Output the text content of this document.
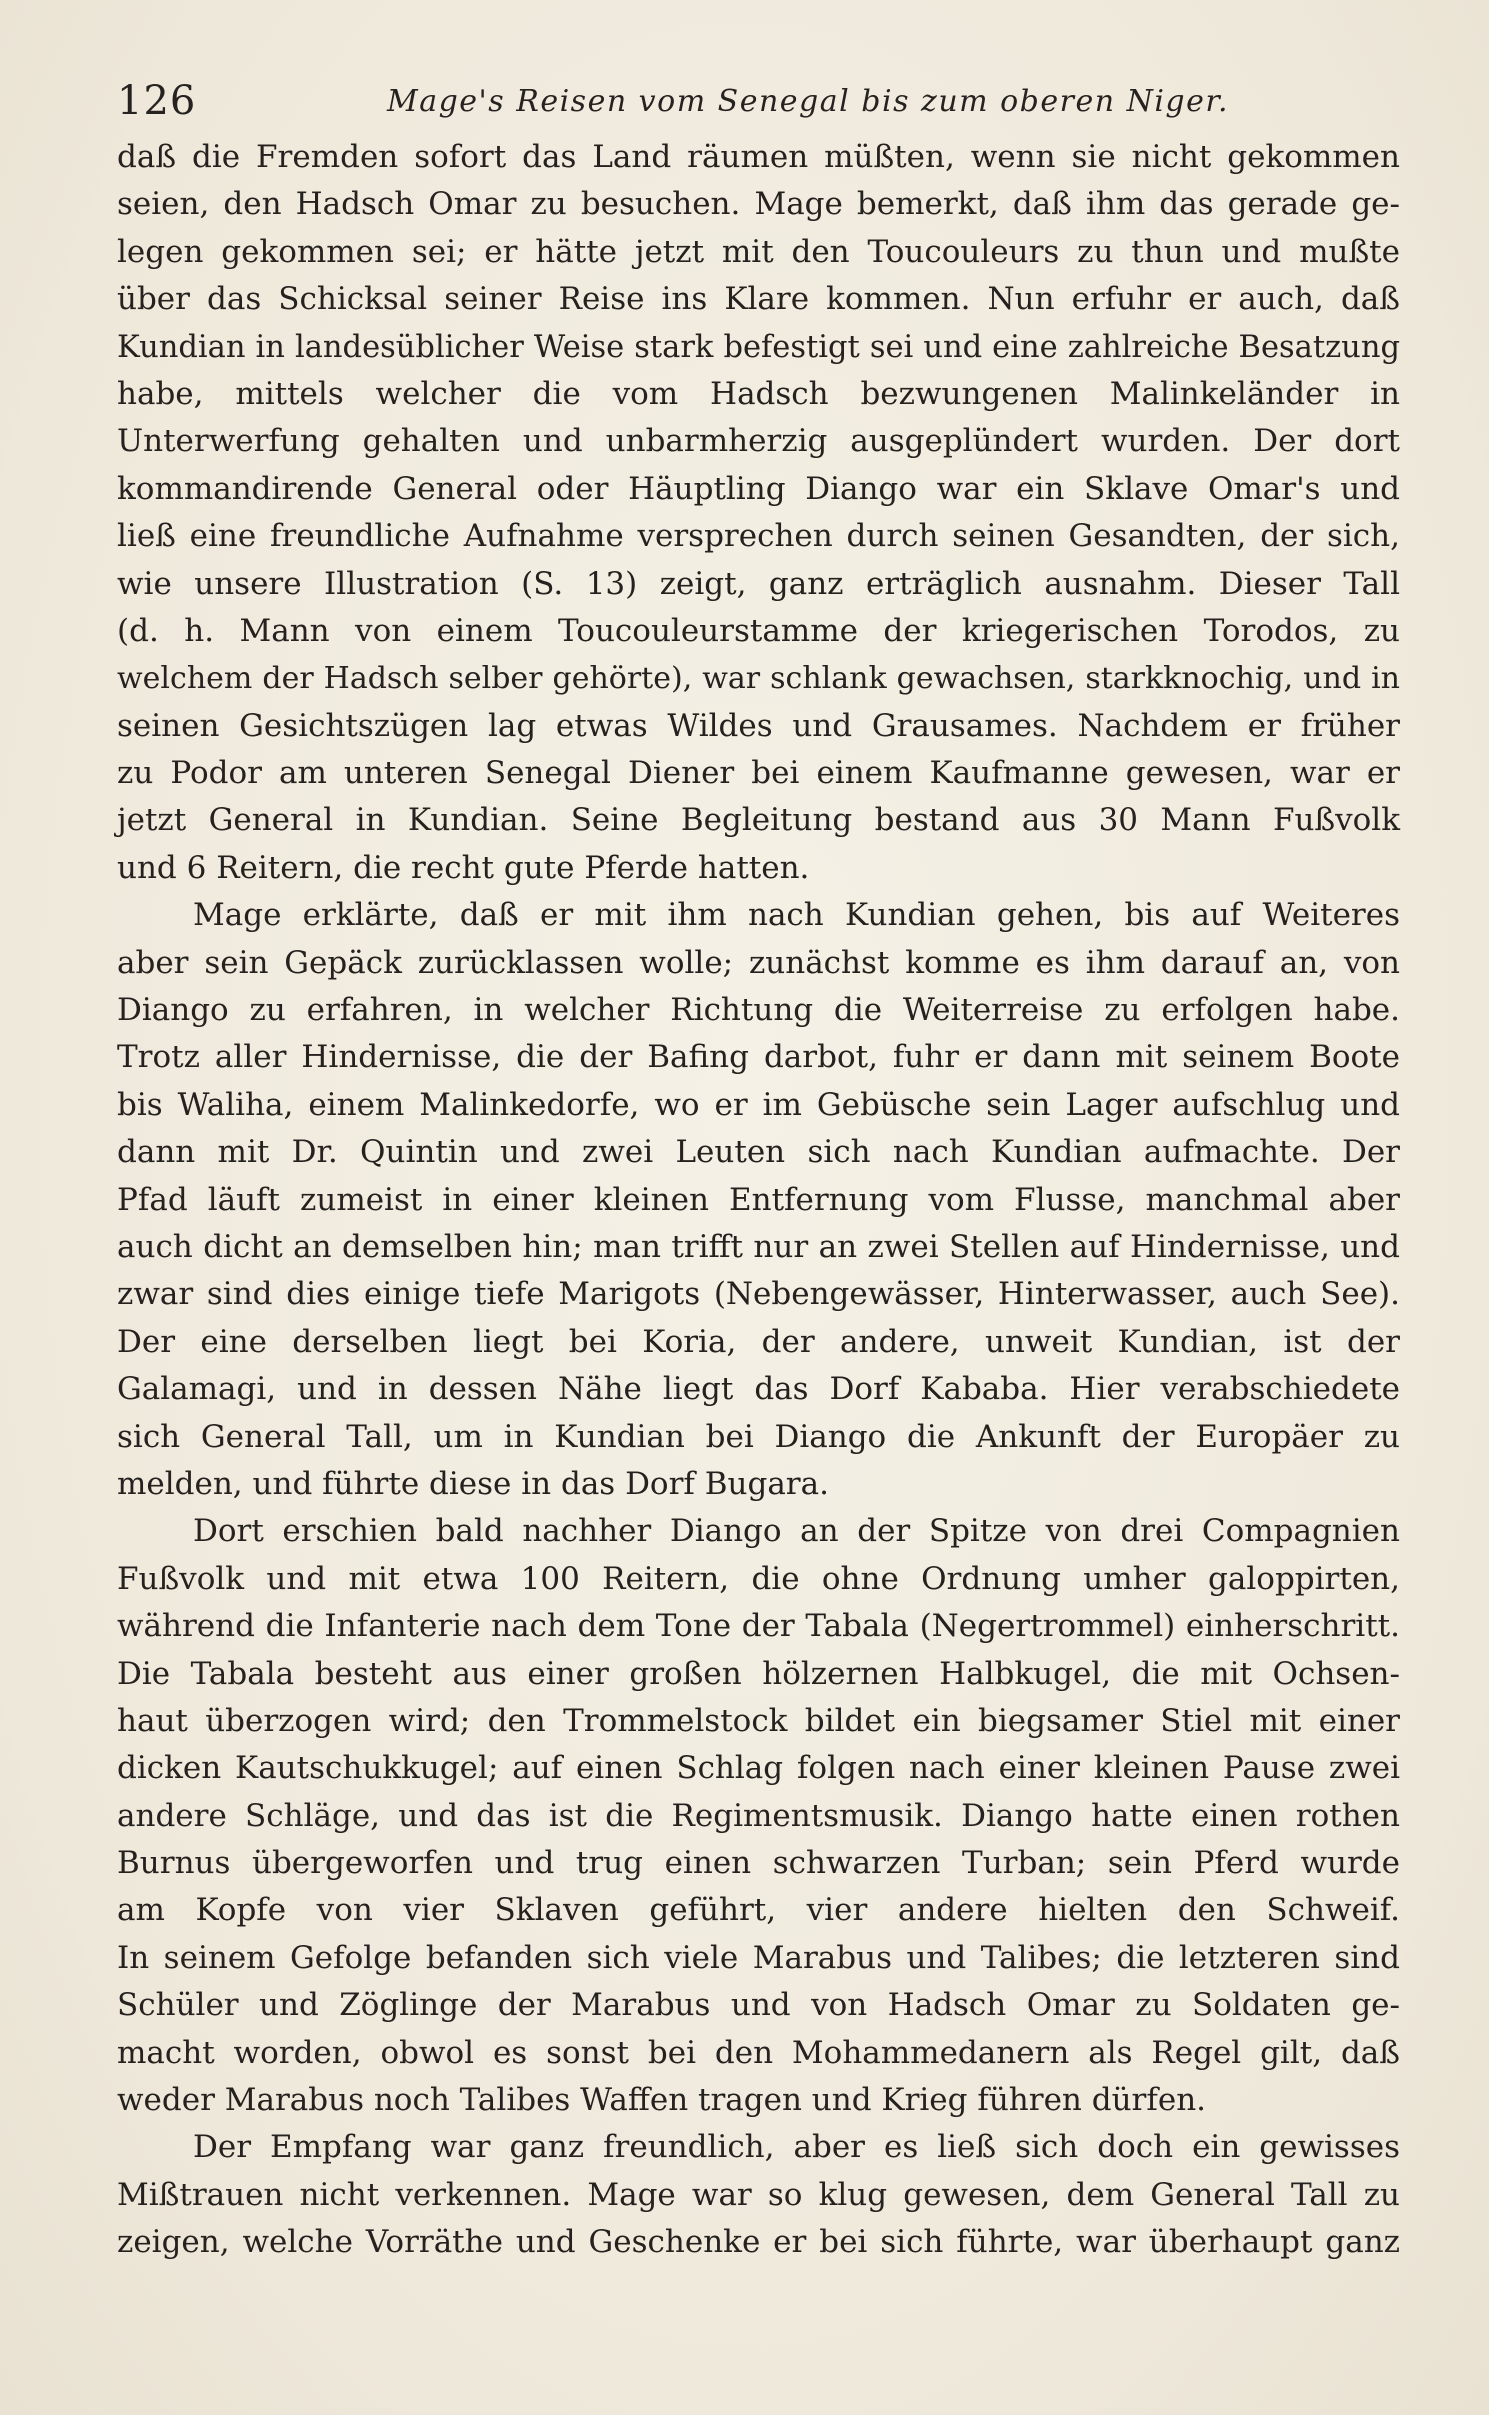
126	Mage's Reisen vom Senegal bis zum oberen Niger.
daß die Fremden sofort das Land räumen müßten, wenn sie nicht gekommen
seien, den Hadsch Omar zu besuchen. Mage bemerkt, daß ihm das gerade ge-
legen gekommen sei; er hätte jetzt mit den Toucouleurs zu thun und mußte
über das Schicksal seiner Reise ins Klare kommen. Nun erfuhr er auch, daß
Kundian in landesüblicher Weise stark befestigt sei und eine zahlreiche Besatzung
habe, mittels welcher die vom Hadsch bezwungenen Malinkeländer in
Unterwerfung gehalten und unbarmherzig ausgeplündert wurden. Der dort
kommandirende General oder Häuptling Diango war ein Sklave Omar's und
ließ eine freundliche Aufnahme versprechen durch seinen Gesandten, der sich,
wie unsere Illustration (S. 13) zeigt, ganz erträglich ausnahm. Dieser Tall
(d. h. Mann von einem Toucouleurstamme der kriegerischen Torodos, zu
welchem der Hadsch selber gehörte), war schlank gewachsen, starkknochig, und in
seinen Gesichtszügen lag etwas Wildes und Grausames. Nachdem er früher
zu Podor am unteren Senegal Diener bei einem Kaufmanne gewesen, war er
jetzt General in Kundian. Seine Begleitung bestand aus 30 Mann Fußvolk
und 6 Reitern, die recht gute Pferde hatten.
Mage erklärte, daß er mit ihm nach Kundian gehen, bis auf Weiteres
aber sein Gepäck zurücklassen wolle; zunächst komme es ihm darauf an, von
Diango zu erfahren, in welcher Richtung die Weiterreise zu erfolgen habe.
Trotz aller Hindernisse, die der Bafing darbot, fuhr er dann mit seinem Boote
bis Waliha, einem Malinkedorfe, wo er im Gebüsche sein Lager aufschlug und
dann mit Dr. Quintin und zwei Leuten sich nach Kundian aufmachte. Der
Pfad läuft zumeist in einer kleinen Entfernung vom Flusse, manchmal aber
auch dicht an demselben hin; man trifft nur an zwei Stellen auf Hindernisse, und
zwar sind dies einige tiefe Marigots (Nebengewässer, Hinterwasser, auch See).
Der eine derselben liegt bei Koria, der andere, unweit Kundian, ist der
Galamagi, und in dessen Nähe liegt das Dorf Kababa. Hier verabschiedete
sich General Tall, um in Kundian bei Diango die Ankunft der Europäer zu
melden, und führte diese in das Dorf Bugara.
Dort erschien bald nachher Diango an der Spitze von drei Compagnien
Fußvolk und mit etwa 100 Reitern, die ohne Ordnung umher galoppirten,
während die Infanterie nach dem Tone der Tabala (Negertrommel) einherschritt.
Die Tabala besteht aus einer großen hölzernen Halbkugel, die mit Ochsen-
haut überzogen wird; den Trommelstock bildet ein biegsamer Stiel mit einer
dicken Kautschukkugel; auf einen Schlag folgen nach einer kleinen Pause zwei
andere Schläge, und das ist die Regimentsmusik. Diango hatte einen rothen
Burnus übergeworfen und trug einen schwarzen Turban; sein Pferd wurde
am Kopfe von vier Sklaven geführt, vier andere hielten den Schweif.
In seinem Gefolge befanden sich viele Marabus und Talibes; die letzteren sind
Schüler und Zöglinge der Marabus und von Hadsch Omar zu Soldaten ge-
macht worden, obwol es sonst bei den Mohammedanern als Regel gilt, daß
weder Marabus noch Talibes Waffen tragen und Krieg führen dürfen.
Der Empfang war ganz freundlich, aber es ließ sich doch ein gewisses
Mißtrauen nicht verkennen. Mage war so klug gewesen, dem General Tall zu
zeigen, welche Vorräthe und Geschenke er bei sich führte, war überhaupt ganz
